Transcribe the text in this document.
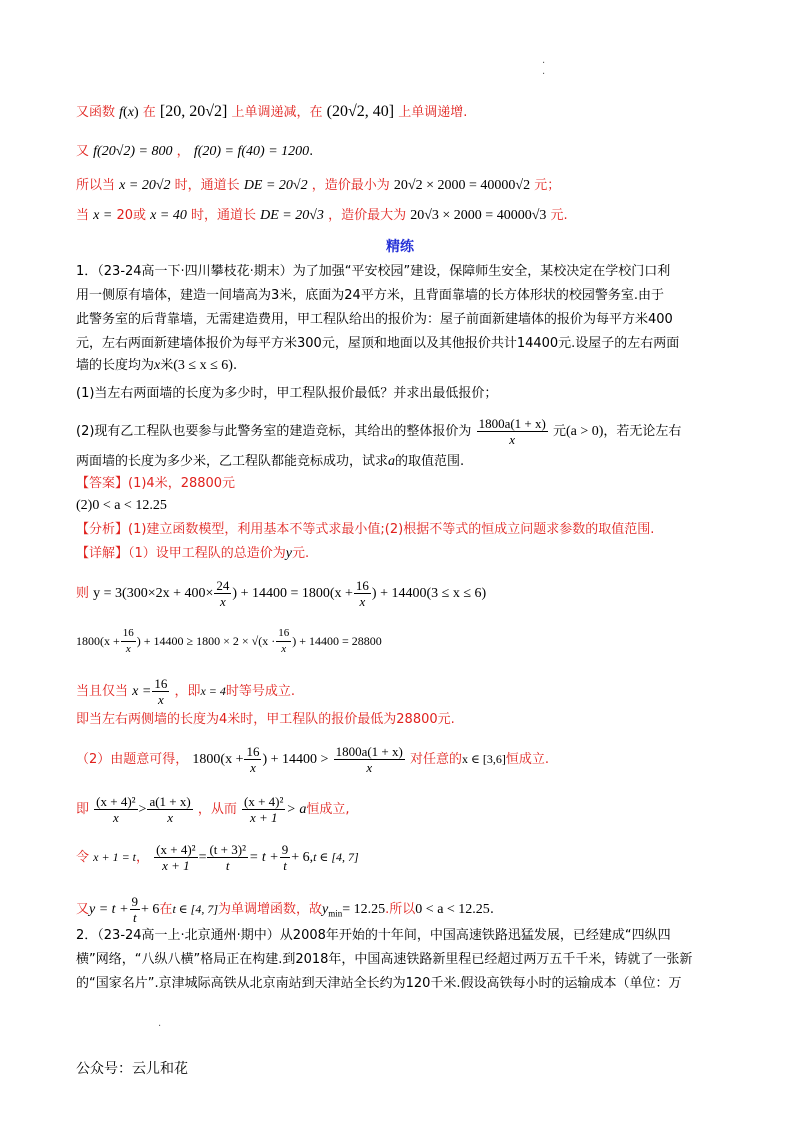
.
.
又函数 f(x) 在 [20, 20√2] 上单调递减，在 (20√2, 40] 上单调递增.
又 f(20√2) = 800 ， f(20) = f(40) = 1200.
所以当 x = 20√2 时，通道长 DE = 20√2 ，造价最小为 20√2 × 2000 = 40000√2 元；
当 x = 20或 x = 40 时，通道长 DE = 20√3 ，造价最大为 20√3 × 2000 = 40000√3 元.
精练
1．（23-24高一下·四川攀枝花·期末）为了加强“平安校园”建设，保障师生安全，某校决定在学校门口利
用一侧原有墙体，建造一间墙高为3米，底面为24平方米，且背面靠墙的长方体形状的校园警务室.由于
此警务室的后背靠墙，无需建造费用，甲工程队给出的报价为：屋子前面新建墙体的报价为每平方米400
元，左右两面新建墙体报价为每平方米300元，屋顶和地面以及其他报价共计14400元.设屋子的左右两面
墙的长度均为x米(3 ≤ x ≤ 6).
(1)当左右两面墙的长度为多少时，甲工程队报价最低？并求出最低报价；
(2)现有乙工程队也要参与此警务室的建造竞标，其给出的整体报价为 $\frac{1800a(1 + x)}{x}$ 元(a > 0)，若无论左右
两面墙的长度为多少米，乙工程队都能竞标成功，试求a的取值范围.
【答案】(1)4米，28800元
(2)0 < a < 12.25
【分析】(1)建立函数模型，利用基本不等式求最小值;(2)根据不等式的恒成立问题求参数的取值范围.
【详解】（1）设甲工程队的总造价为y元.
则 $y = 3(300\times 2x + 400\times \frac{24}{x}$ ) + $14400 = 1800(x + \frac{16}{x}$ ) + 14400(3 ≤ x ≤ 6)
$1800(x + \frac{16}{x}$ ) + $14400 \ge 1800 \times 2 \times √(x \cdot \frac{16}{x}$ ) + 14400 = 28800
当且仅当 $x = \frac{16}{x}$ ，即x = 4时等号成立.
即当左右两侧墙的长度为4米时，甲工程队的报价最低为28800元.
（2）由题意可得， $1800(x + \frac{16}{x}$ ) + $14400 > \frac{1800a(1 + x)}{x}$ 对任意的x ∈ [3,6]恒成立.
即 $\frac{\text{(x + 4)²}}{x} > \frac{a(1 + x)}{x}$ ，从而 $\frac{\text{(x + 4)²}}{x + 1} > a$恒成立,
令 x + 1 = t， $\frac{\text{(x + 4)²}}{x + 1} = \frac{\text{(t + 3)²}}{t} = t + \frac{9}{t} + 6,t$ ∈ [4, 7]
又$y = t + \frac{9}{t} + 6$在t ∈ [4, 7]为单调增函数，故$y_{min}= 12.25$.所以0 < a < 12.25.
2．（23-24高一上·北京通州·期中）从2008年开始的十年间，中国高速铁路迅猛发展，已经建成“四纵四
横”网络，“八纵八横”格局正在构建.到2018年，中国高速铁路新里程已经超过两万五千千米，铸就了一张新
的“国家名片”.京津城际高铁从北京南站到天津站全长约为120千米.假设高铁每小时的运输成本（单位：万
.
公众号：云儿和花
